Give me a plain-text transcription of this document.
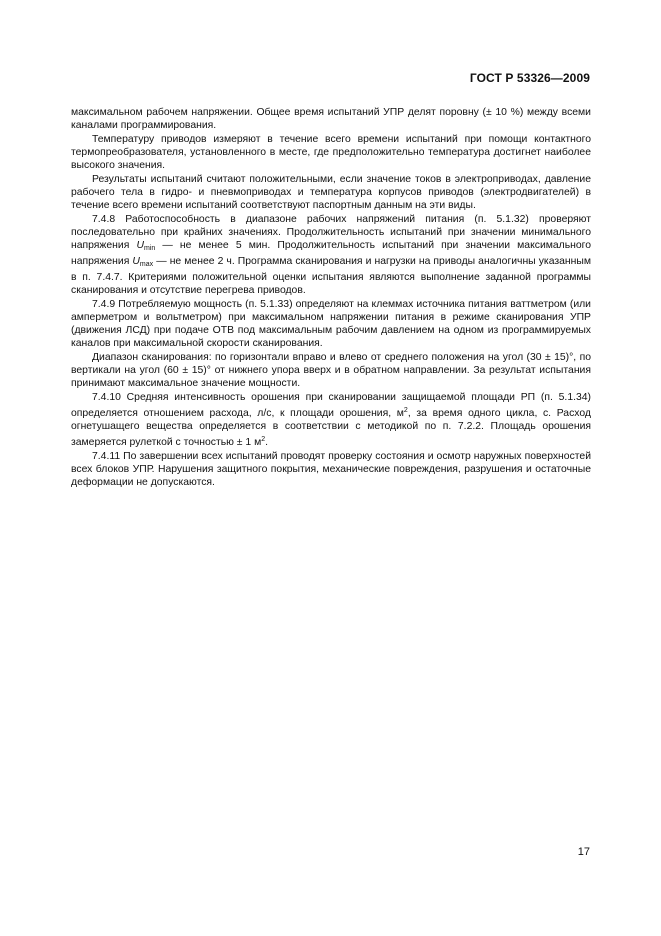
ГОСТ Р 53326—2009

максимальном рабочем напряжении. Общее время испытаний УПР делят поровну (± 10 %) между всеми каналами программирования.

Температуру приводов измеряют в течение всего времени испытаний при помощи контактного термопреобразователя, установленного в месте, где предположительно температура достигнет наиболее высокого значения.

Результаты испытаний считают положительными, если значение токов в электроприводах, давление рабочего тела в гидро- и пневмоприводах и температура корпусов приводов (электродвигателей) в течение всего времени испытаний соответствуют паспортным данным на эти виды.

7.4.8 Работоспособность в диапазоне рабочих напряжений питания (п. 5.1.32) проверяют последовательно при крайних значениях. Продолжительность испытаний при значении минимального напряжения $U_{min}$ — не менее 5 мин. Продолжительность испытаний при значении максимального напряжения $U_{max}$ — не менее 2 ч. Программа сканирования и нагрузки на приводы аналогичны указанным в п. 7.4.7. Критериями положительной оценки испытания являются выполнение заданной программы сканирования и отсутствие перегрева приводов.

7.4.9 Потребляемую мощность (п. 5.1.33) определяют на клеммах источника питания ваттметром (или амперметром и вольтметром) при максимальном напряжении питания в режиме сканирования УПР (движения ЛСД) при подаче ОТВ под максимальным рабочим давлением на одном из программируемых каналов при максимальной скорости сканирования.

Диапазон сканирования: по горизонтали вправо и влево от среднего положения на угол (30 ± 15)°, по вертикали на угол (60 ± 15)° от нижнего упора вверх и в обратном направлении. За результат испытания принимают максимальное значение мощности.

7.4.10 Средняя интенсивность орошения при сканировании защищаемой площади РП (п. 5.1.34) определяется отношением расхода, л/с, к площади орошения, $м^2$, за время одного цикла, с. Расход огнетушащего вещества определяется в соответствии с методикой по п. 7.2.2. Площадь орошения замеряется рулеткой с точностью ± 1 $м^2$.

7.4.11 По завершении всех испытаний проводят проверку состояния и осмотр наружных поверхностей всех блоков УПР. Нарушения защитного покрытия, механические повреждения, разрушения и остаточные деформации не допускаются.

17
